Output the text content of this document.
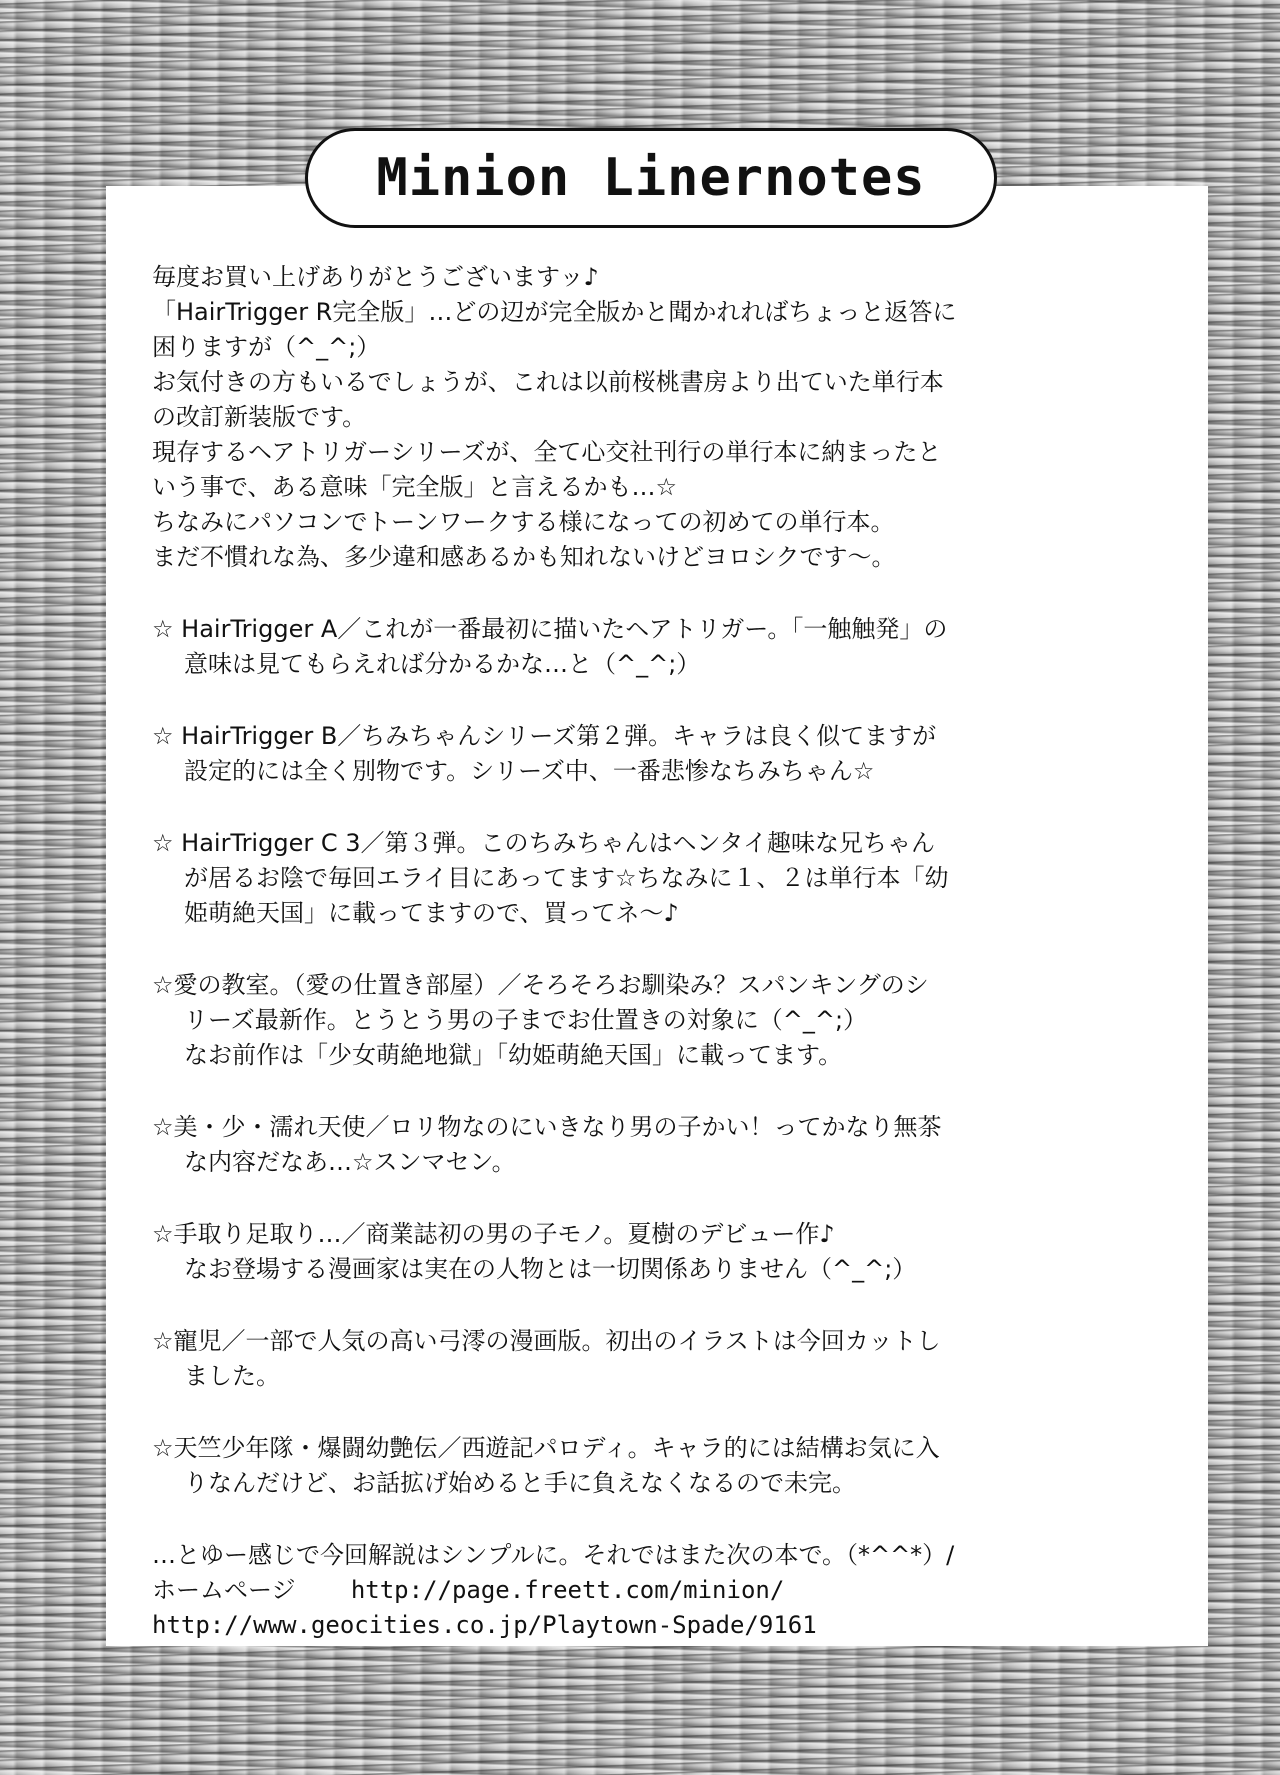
Minion Linernotes

毎度お買い上げありがとうございますッ♪

「HairTrigger R完全版」…どの辺が完全版かと聞かれればちょっと返答に

困りますが（^_^;）

お気付きの方もいるでしょうが、これは以前桜桃書房より出ていた単行本

の改訂新装版です。

現存するヘアトリガーシリーズが、全て心交社刊行の単行本に納まったと

いう事で、ある意味「完全版」と言えるかも…☆

ちなみにパソコンでトーンワークする様になっての初めての単行本。

まだ不慣れな為、多少違和感あるかも知れないけどヨロシクです～。

☆ HairTrigger A／これが一番最初に描いたヘアトリガー。「一触触発」の

意味は見てもらえれば分かるかな…と（^_^;）

☆ HairTrigger B／ちみちゃんシリーズ第２弾。キャラは良く似てますが

設定的には全く別物です。シリーズ中、一番悲惨なちみちゃん☆

☆ HairTrigger C 3／第３弾。このちみちゃんはヘンタイ趣味な兄ちゃん

が居るお陰で毎回エライ目にあってます☆ちなみに１、２は単行本「幼

姫萌絶天国」に載ってますので、買ってネ～♪

☆愛の教室。（愛の仕置き部屋）／そろそろお馴染み？スパンキングのシ

リーズ最新作。とうとう男の子までお仕置きの対象に（^_^;）

なお前作は「少女萌絶地獄」「幼姫萌絶天国」に載ってます。

☆美・少・濡れ天使／ロリ物なのにいきなり男の子かい！ってかなり無茶

な内容だなあ…☆スンマセン。

☆手取り足取り…／商業誌初の男の子モノ。夏樹のデビュー作♪

なお登場する漫画家は実在の人物とは一切関係ありません（^_^;）

☆寵児／一部で人気の高い弓澪の漫画版。初出のイラストは今回カットし

ました。

☆天竺少年隊・爆闘幼艶伝／西遊記パロディ。キャラ的には結構お気に入

りなんだけど、お話拡げ始めると手に負えなくなるので未完。

…とゆー感じで今回解説はシンプルに。それではまた次の本で。（*^^*）/

ホームページ http://page.freett.com/minion/

http://www.geocities.co.jp/Playtown-Spade/9161
